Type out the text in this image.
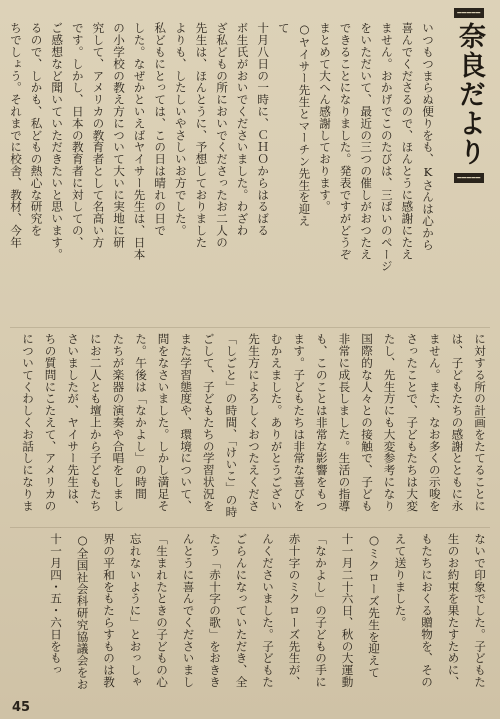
━━━━━
奈良だより
━━━━━
いつもつまらぬ便りをも、Kさんは心から
喜んでくださるので、ほんとうに感謝にたえ
ません。おかげでこのたびは、三ぱいのページ
をいただいて、最近の三つの催しがおつたえ
できることになりました。発表ですがどうぞ
まとめて大へん感謝しております。
○ヤイサー先生とマーチン先生を迎え
て
十月八日の一時に、ＣＨＯからはるばる
ボ生氏がおいでくださいました。わざわ
ざ私どもの所においでくださったお二人の
先生は、ほんとうに、予想しておりました
よりも、したしいやさしいお方でした。
私どもにとっては、この日は晴れの日で
した。なぜかといえばヤイサー先生は、日本
の小学校の教え方について大いに実地に研
究して、アメリカの教育者として名高い方
です。しかし、日本の教育者に対しての、
ご感想など聞いていただきたいと思います。
るので、しかも、私どもの熱心な研究を
ちでしょう。それまでに校舎、教材、今年
に対する所の計画をたてることに
は、子どもたちの感謝とともに永
ません。また、なお多くの示唆を
さったことで、子どもたちは大変
たし、先生方にも大変参考になり
国際的な人々との接触で、子ども
非常に成長しました。生活の指導
も、このことは非常な影響をもつ
ます。子どもたちは非常な喜びを
むかえました。ありがとうござい
先生方によろしくおつたえくださ
「しごと」の時間、「けいこ」の時
ごして、子どもたちの学習状況を
また学習態度や、環境について、
問をなさいました。しかし満足そ
た。午後は「なかよし」の時間
たちが楽器の演奏や合唱をしまし
にお二人とも壇上から子どもたち
さいましたが、ヤイサー先生は、
ちの質問にこたえて、アメリカの
についてくわしくお話しになりま
ないで印象でした。子どもた
生のお約束を果たすために、
もたちにおくる贈物を、その
えて送りました。
○ミクローズ先生を迎えて
十一月二十六日、秋の大運動
「なかよし」の子どもの手に
赤十字のミクローズ先生が、
んくださいました。子どもた
ごらんになっていただき、全
たう「赤十字の歌」をおきき
んとうに喜んでくださいまし
「生まれたときの子どもの心
忘れないように」とおっしゃ
界の平和をもたらすものは教
○全国社会科研究協議会をお
十一月四・五・六日をもっ
45
